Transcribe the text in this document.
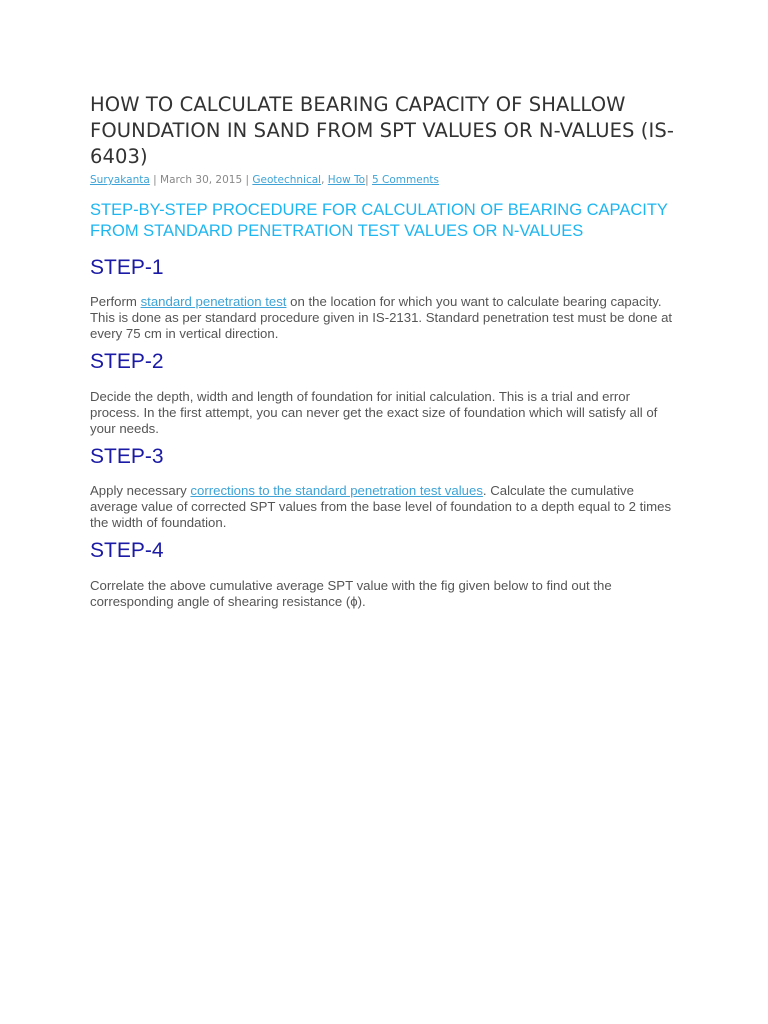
HOW TO CALCULATE BEARING CAPACITY OF SHALLOW FOUNDATION IN SAND FROM SPT VALUES OR N-VALUES (IS-6403)
Suryakanta | March 30, 2015 | Geotechnical, How To| 5 Comments
STEP-BY-STEP PROCEDURE FOR CALCULATION OF BEARING CAPACITY FROM STANDARD PENETRATION TEST VALUES OR N-VALUES
STEP-1

Perform standard penetration test on the location for which you want to calculate bearing capacity. This is done as per standard procedure given in IS-2131. Standard penetration test must be done at every 75 cm in vertical direction.

STEP-2

Decide the depth, width and length of foundation for initial calculation. This is a trial and error process. In the first attempt, you can never get the exact size of foundation which will satisfy all of your needs.

STEP-3

Apply necessary corrections to the standard penetration test values. Calculate the cumulative average value of corrected SPT values from the base level of foundation to a depth equal to 2 times the width of foundation.

STEP-4

Correlate the above cumulative average SPT value with the fig given below to find out the corresponding angle of shearing resistance (ϕ).
